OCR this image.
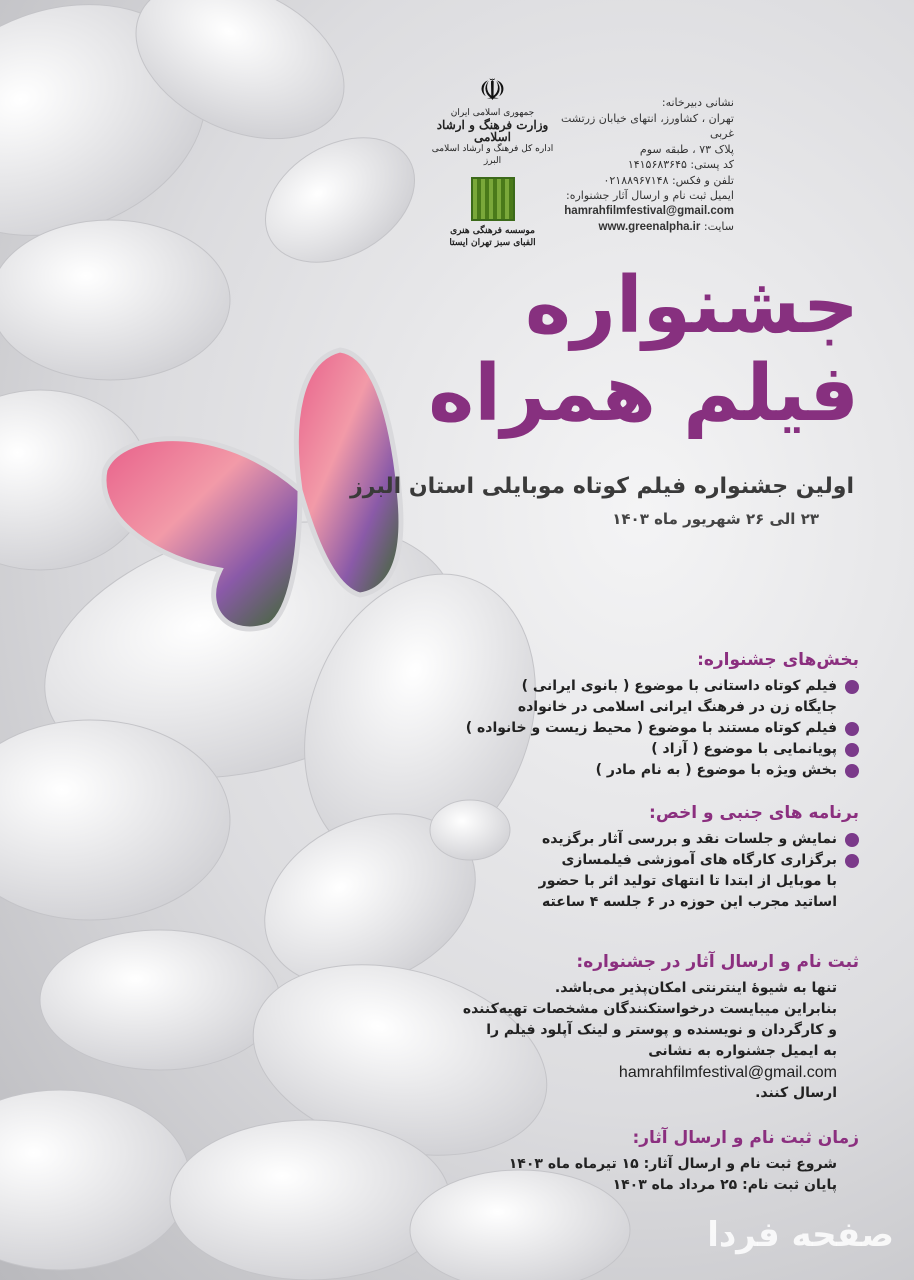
☫
جمهوری اسلامی ایران
وزارت فرهنگ و ارشاد اسلامی
اداره کل فرهنگ و ارشاد اسلامی البرز
موسسه فرهنگی هنری
الفبای سبز تهران ایستا
نشانی دبیرخانه:
تهران ، کشاورز، انتهای خیابان زرتشت غربی
پلاک ۷۳ ، طبقه سوم
کد پستی: ۱۴۱۵۶۸۳۶۴۵
تلفن و فکس: ۰۲۱۸۸۹۶۷۱۴۸
ایمیل ثبت نام و ارسال آثار جشنواره:
hamrahfilmfestival@gmail.com
سایت: www.greenalpha.ir
جشنواره
فیلم همراه
اولین جشنواره فیلم کوتاه موبایلی استان البرز
۲۳ الی ۲۶ شهریور ماه ۱۴۰۳
بخش‌های جشنواره:
فیلم کوتاه داستانی با موضوع ( بانوی ایرانی )
جایگاه زن در فرهنگ ایرانی اسلامی در خانواده
فیلم کوتاه مستند با موضوع ( محیط زیست و خانواده )
پویانمایی با موضوع ( آزاد )
بخش ویژه با موضوع ( به نام مادر )
برنامه های جنبی و اخص:
نمایش و جلسات نقد و بررسی آثار برگزیده
برگزاری کارگاه های آموزشی فیلمسازی
با موبایل از ابتدا تا انتهای تولید اثر با حضور
اساتید مجرب این حوزه در ۶ جلسه ۴ ساعته
ثبت نام و ارسال آثار در جشنواره:
تنها به شیوهٔ اینترنتی امکان‌پذیر می‌باشد.
بنابراین میبایست درخواستکنندگان مشخصات تهیه‌کننده
و کارگردان و نویسنده و پوستر و لینک آپلود فیلم را
به ایمیل جشنواره به نشانی
hamrahfilmfestival@gmail.com
ارسال کنند.
زمان ثبت نام و ارسال آثار:
شروع ثبت نام و ارسال آثار: ۱۵ تیرماه ماه ۱۴۰۳
پایان ثبت نام: ۲۵ مرداد ماه ۱۴۰۳
صفحه فردا
